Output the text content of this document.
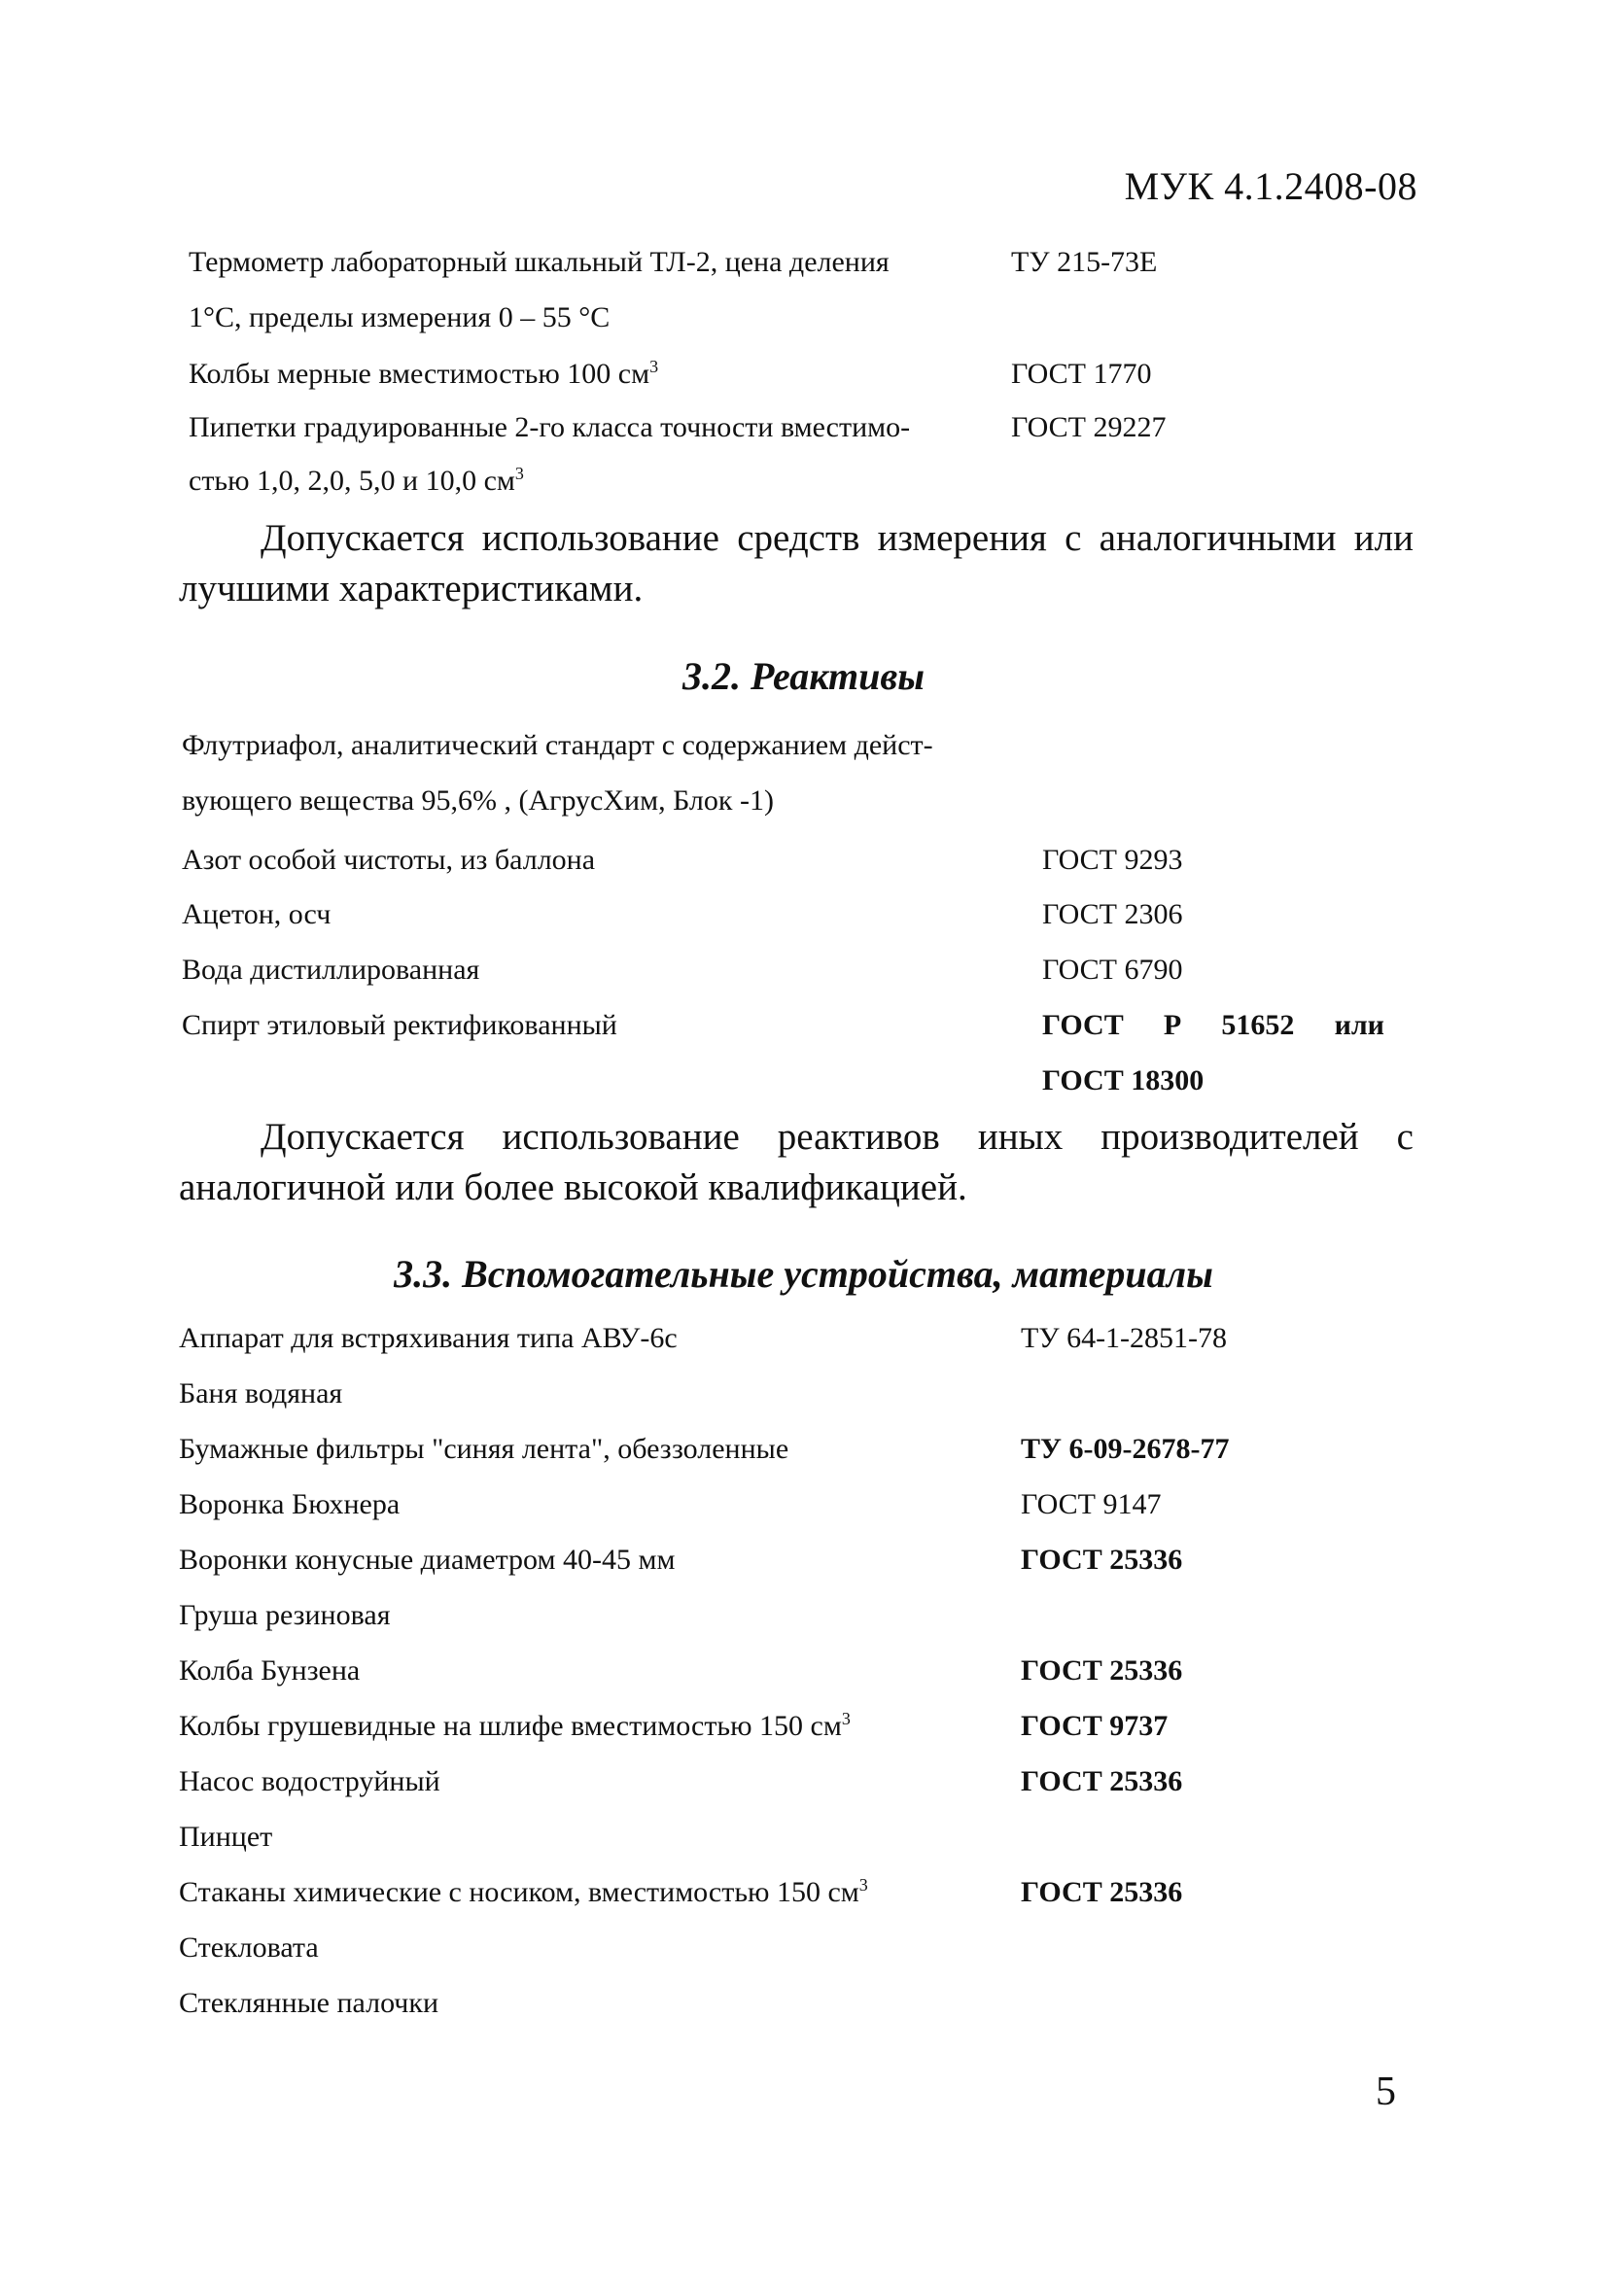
МУК 4.1.2408-08
Термометр лабораторный шкальный ТЛ-2, цена деления	ТУ 215-73Е
1°С, пределы измерения 0 – 55 °С
Колбы мерные вместимостью 100 $см^3$	ГОСТ 1770
Пипетки градуированные 2-го класса точности вместимо-	ГОСТ 29227
стью 1,0, 2,0, 5,0 и 10,0 $см^3$
Допускается использование средств измерения с аналогичными или лучшими характеристиками.
3.2. Реактивы
Флутриафол, аналитический стандарт с содержанием дейст-
вующего вещества 95,6% , (АгрусХим, Блок -1)
Азот особой чистоты, из баллона	ГОСТ 9293
Ацетон, осч	ГОСТ 2306
Вода дистиллированная	ГОСТ 6790
Спирт этиловый ректификованный	ГОСТ Р 51652 или
ГОСТ 18300
Допускается использование реактивов иных производителей с аналогичной или более высокой квалификацией.
3.3. Вспомогательные устройства, материалы
Аппарат для встряхивания типа АВУ-6с	ТУ 64-1-2851-78
Баня водяная
Бумажные фильтры "синяя лента", обеззоленные	ТУ 6-09-2678-77
Воронка Бюхнера	ГОСТ 9147
Воронки конусные диаметром 40-45 мм	ГОСТ 25336
Груша резиновая
Колба Бунзена	ГОСТ 25336
Колбы грушевидные на шлифе вместимостью 150 $см^3$	ГОСТ 9737
Насос водоструйный	ГОСТ 25336
Пинцет
Стаканы химические с носиком, вместимостью 150 $см^3$	ГОСТ 25336
Стекловата
Стеклянные палочки
5
